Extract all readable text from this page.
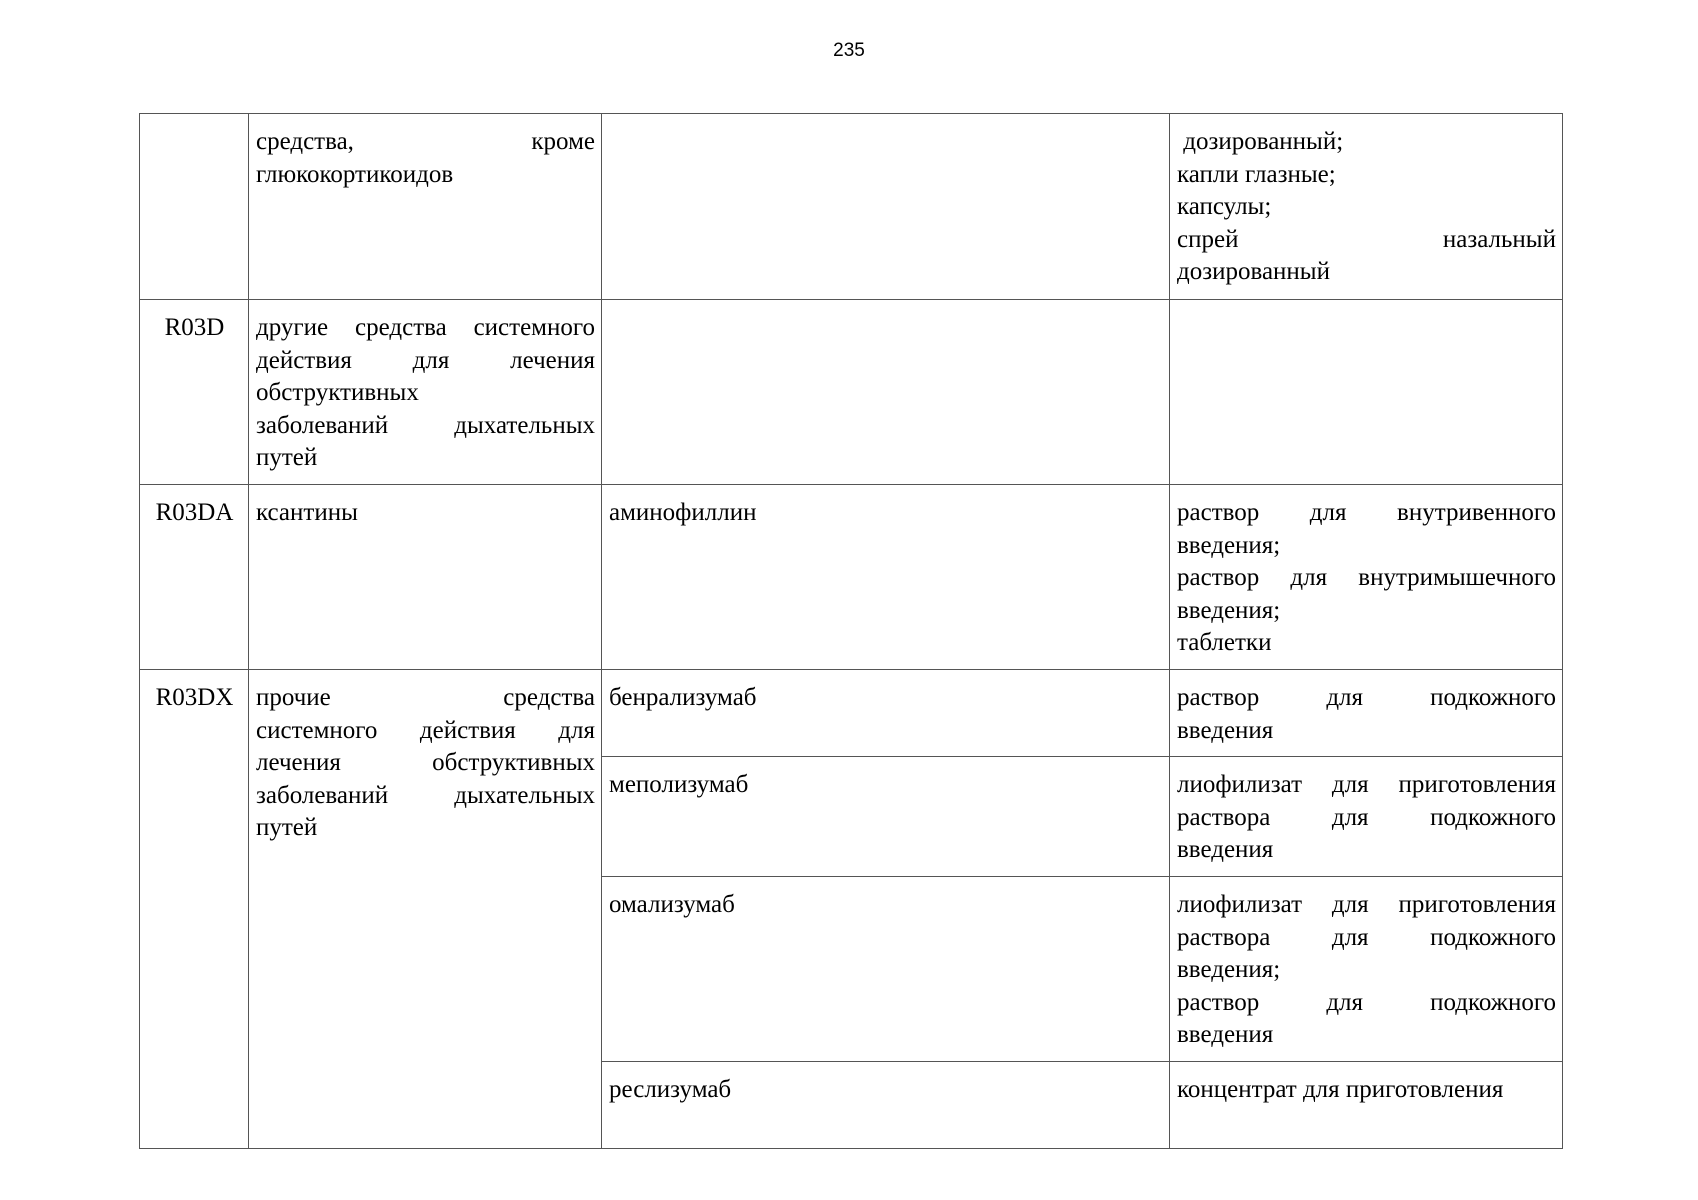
235

	средства, кроме
глюкокортикоидов		дозированный;
капли глазные;
капсулы;
спрей назальный
дозированный

R03D	другие средства системного
действия для лечения
обструктивных
заболеваний дыхательных
путей		

R03DA	ксантины	аминофиллин	раствор для внутривенного
введения;
раствор для внутримышечного
введения;
таблетки

R03DX	прочие средства
системного действия для
лечения обструктивных
заболеваний дыхательных
путей	бенрализумаб	раствор для подкожного
введения

		меполизумаб	лиофилизат для приготовления
раствора для подкожного
введения

		омализумаб	лиофилизат для приготовления
раствора для подкожного
введения;
раствор для подкожного
введения

		реслизумаб	концентрат для приготовления
